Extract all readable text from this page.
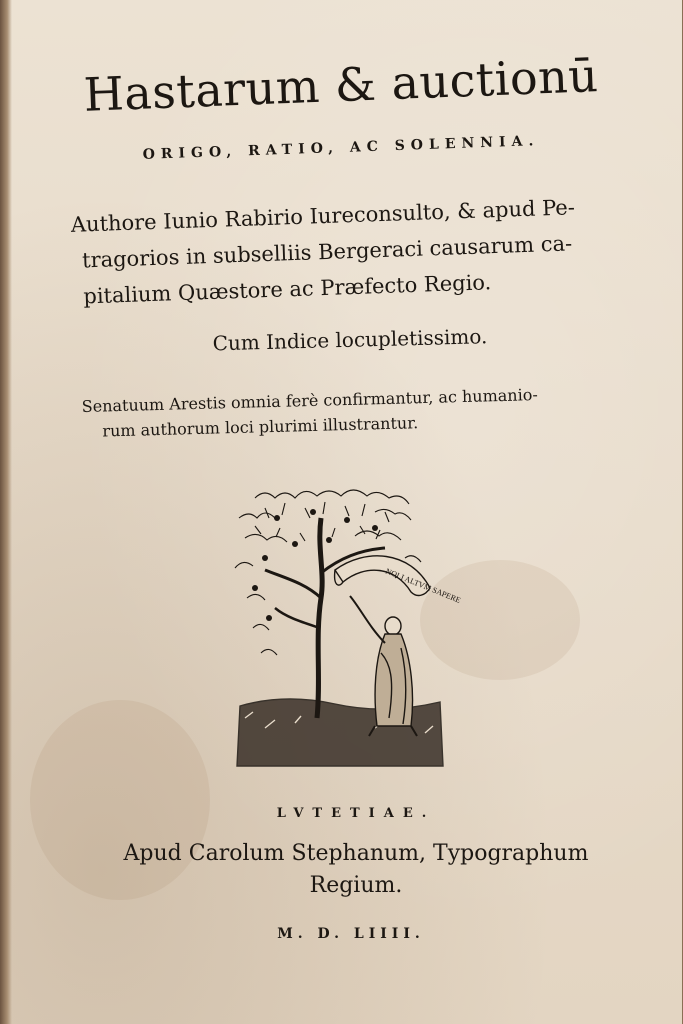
Hastarum & auctionū
ORIGO, RATIO, AC SOLENNIA.
Authore Iunio Rabirio Iureconsulto, & apud Pe-
tragorios in subselliis Bergeraci causarum ca-
pitalium Quæstore ac Præfecto Regio.
Cum Indice locupletissimo.
Senatuum Arestis omnia ferè confirmantur, ac humanio-
rum authorum loci plurimi illustrantur.
NOLI ALTVM SAPERE
LVTETIAE.
Apud Carolum Stephanum, Typographum
Regium.
M. D. LIIII.
